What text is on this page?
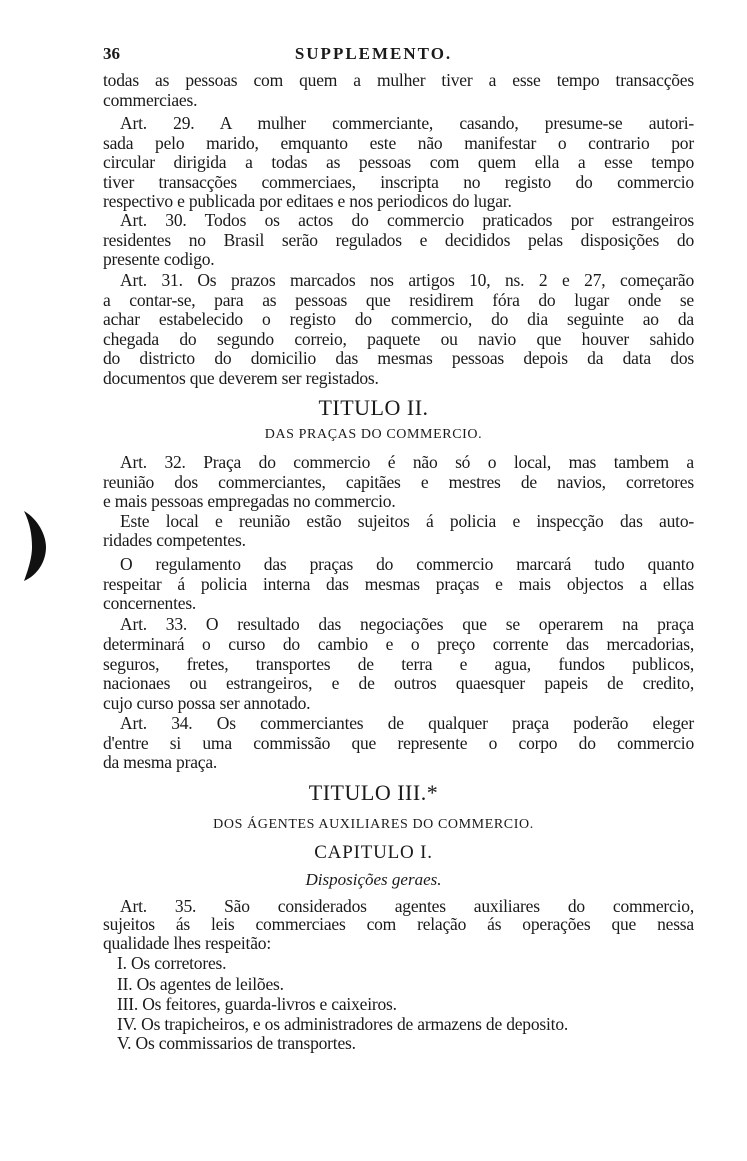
36	SUPPLEMENTO.
todas as pessoas com quem a mulher tiver a esse tempo transacções
commerciaes.
Art. 29. A mulher commerciante, casando, presume-se autori-
sada pelo marido, emquanto este não manifestar o contrario por
circular dirigida a todas as pessoas com quem ella a esse tempo
tiver transacções commerciaes, inscripta no registo do commercio
respectivo e publicada por editaes e nos periodicos do lugar.
Art. 30. Todos os actos do commercio praticados por estrangeiros
residentes no Brasil serão regulados e decididos pelas disposições do
presente codigo.
Art. 31. Os prazos marcados nos artigos 10, ns. 2 e 27, começarão
a contar-se, para as pessoas que residirem fóra do lugar onde se
achar estabelecido o registo do commercio, do dia seguinte ao da
chegada do segundo correio, paquete ou navio que houver sahido
do districto do domicilio das mesmas pessoas depois da data dos
documentos que deverem ser registados.
TITULO II.
DAS PRAÇAS DO COMMERCIO.
Art. 32. Praça do commercio é não só o local, mas tambem a
reunião dos commerciantes, capitães e mestres de navios, corretores
e mais pessoas empregadas no commercio.
Este local e reunião estão sujeitos á policia e inspecção das auto-
ridades competentes.
O regulamento das praças do commercio marcará tudo quanto
respeitar á policia interna das mesmas praças e mais objectos a ellas
concernentes.
Art. 33. O resultado das negociações que se operarem na praça
determinará o curso do cambio e o preço corrente das mercadorias,
seguros, fretes, transportes de terra e agua, fundos publicos,
nacionaes ou estrangeiros, e de outros quaesquer papeis de credito,
cujo curso possa ser annotado.
Art. 34. Os commerciantes de qualquer praça poderão eleger
d'entre si uma commissão que represente o corpo do commercio
da mesma praça.
TITULO III.*
DOS ÁGENTES AUXILIARES DO COMMERCIO.
CAPITULO I.
Disposições geraes.
Art. 35. São considerados agentes auxiliares do commercio,
sujeitos ás leis commerciaes com relação ás operações que nessa
qualidade lhes respeitão:
I. Os corretores.
II. Os agentes de leilões.
III. Os feitores, guarda-livros e caixeiros.
IV. Os trapicheiros, e os administradores de armazens de deposito.
V. Os commissarios de transportes.
